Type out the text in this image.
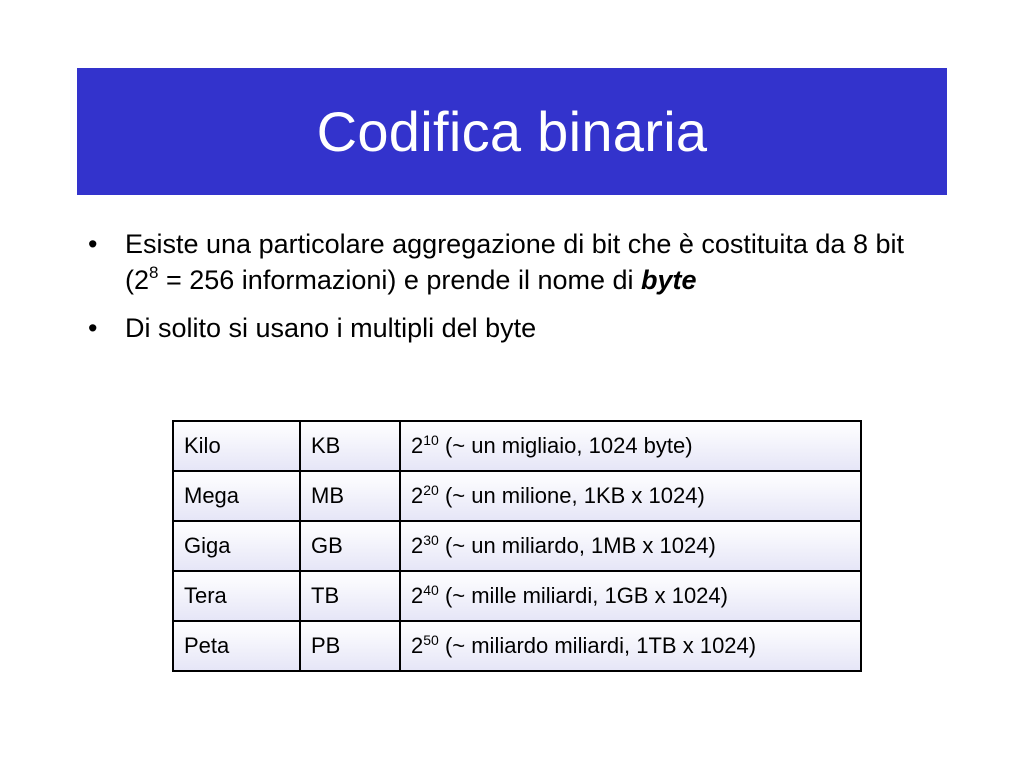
Codifica binaria
• Esiste una particolare aggregazione di bit che è costituita da 8 bit ($2^8 = 256$ informazioni) e prende il nome di byte
• Di solito si usano i multipli del byte
Kilo	KB	$2^{10}$ (~ un migliaio, 1024 byte)
Mega	MB	$2^{20}$ (~ un milione, 1KB x 1024)
Giga	GB	$2^{30}$ (~ un miliardo, 1MB x 1024)
Tera	TB	$2^{40}$ (~ mille miliardi, 1GB x 1024)
Peta	PB	$2^{50}$ (~ miliardo miliardi, 1TB x 1024)
